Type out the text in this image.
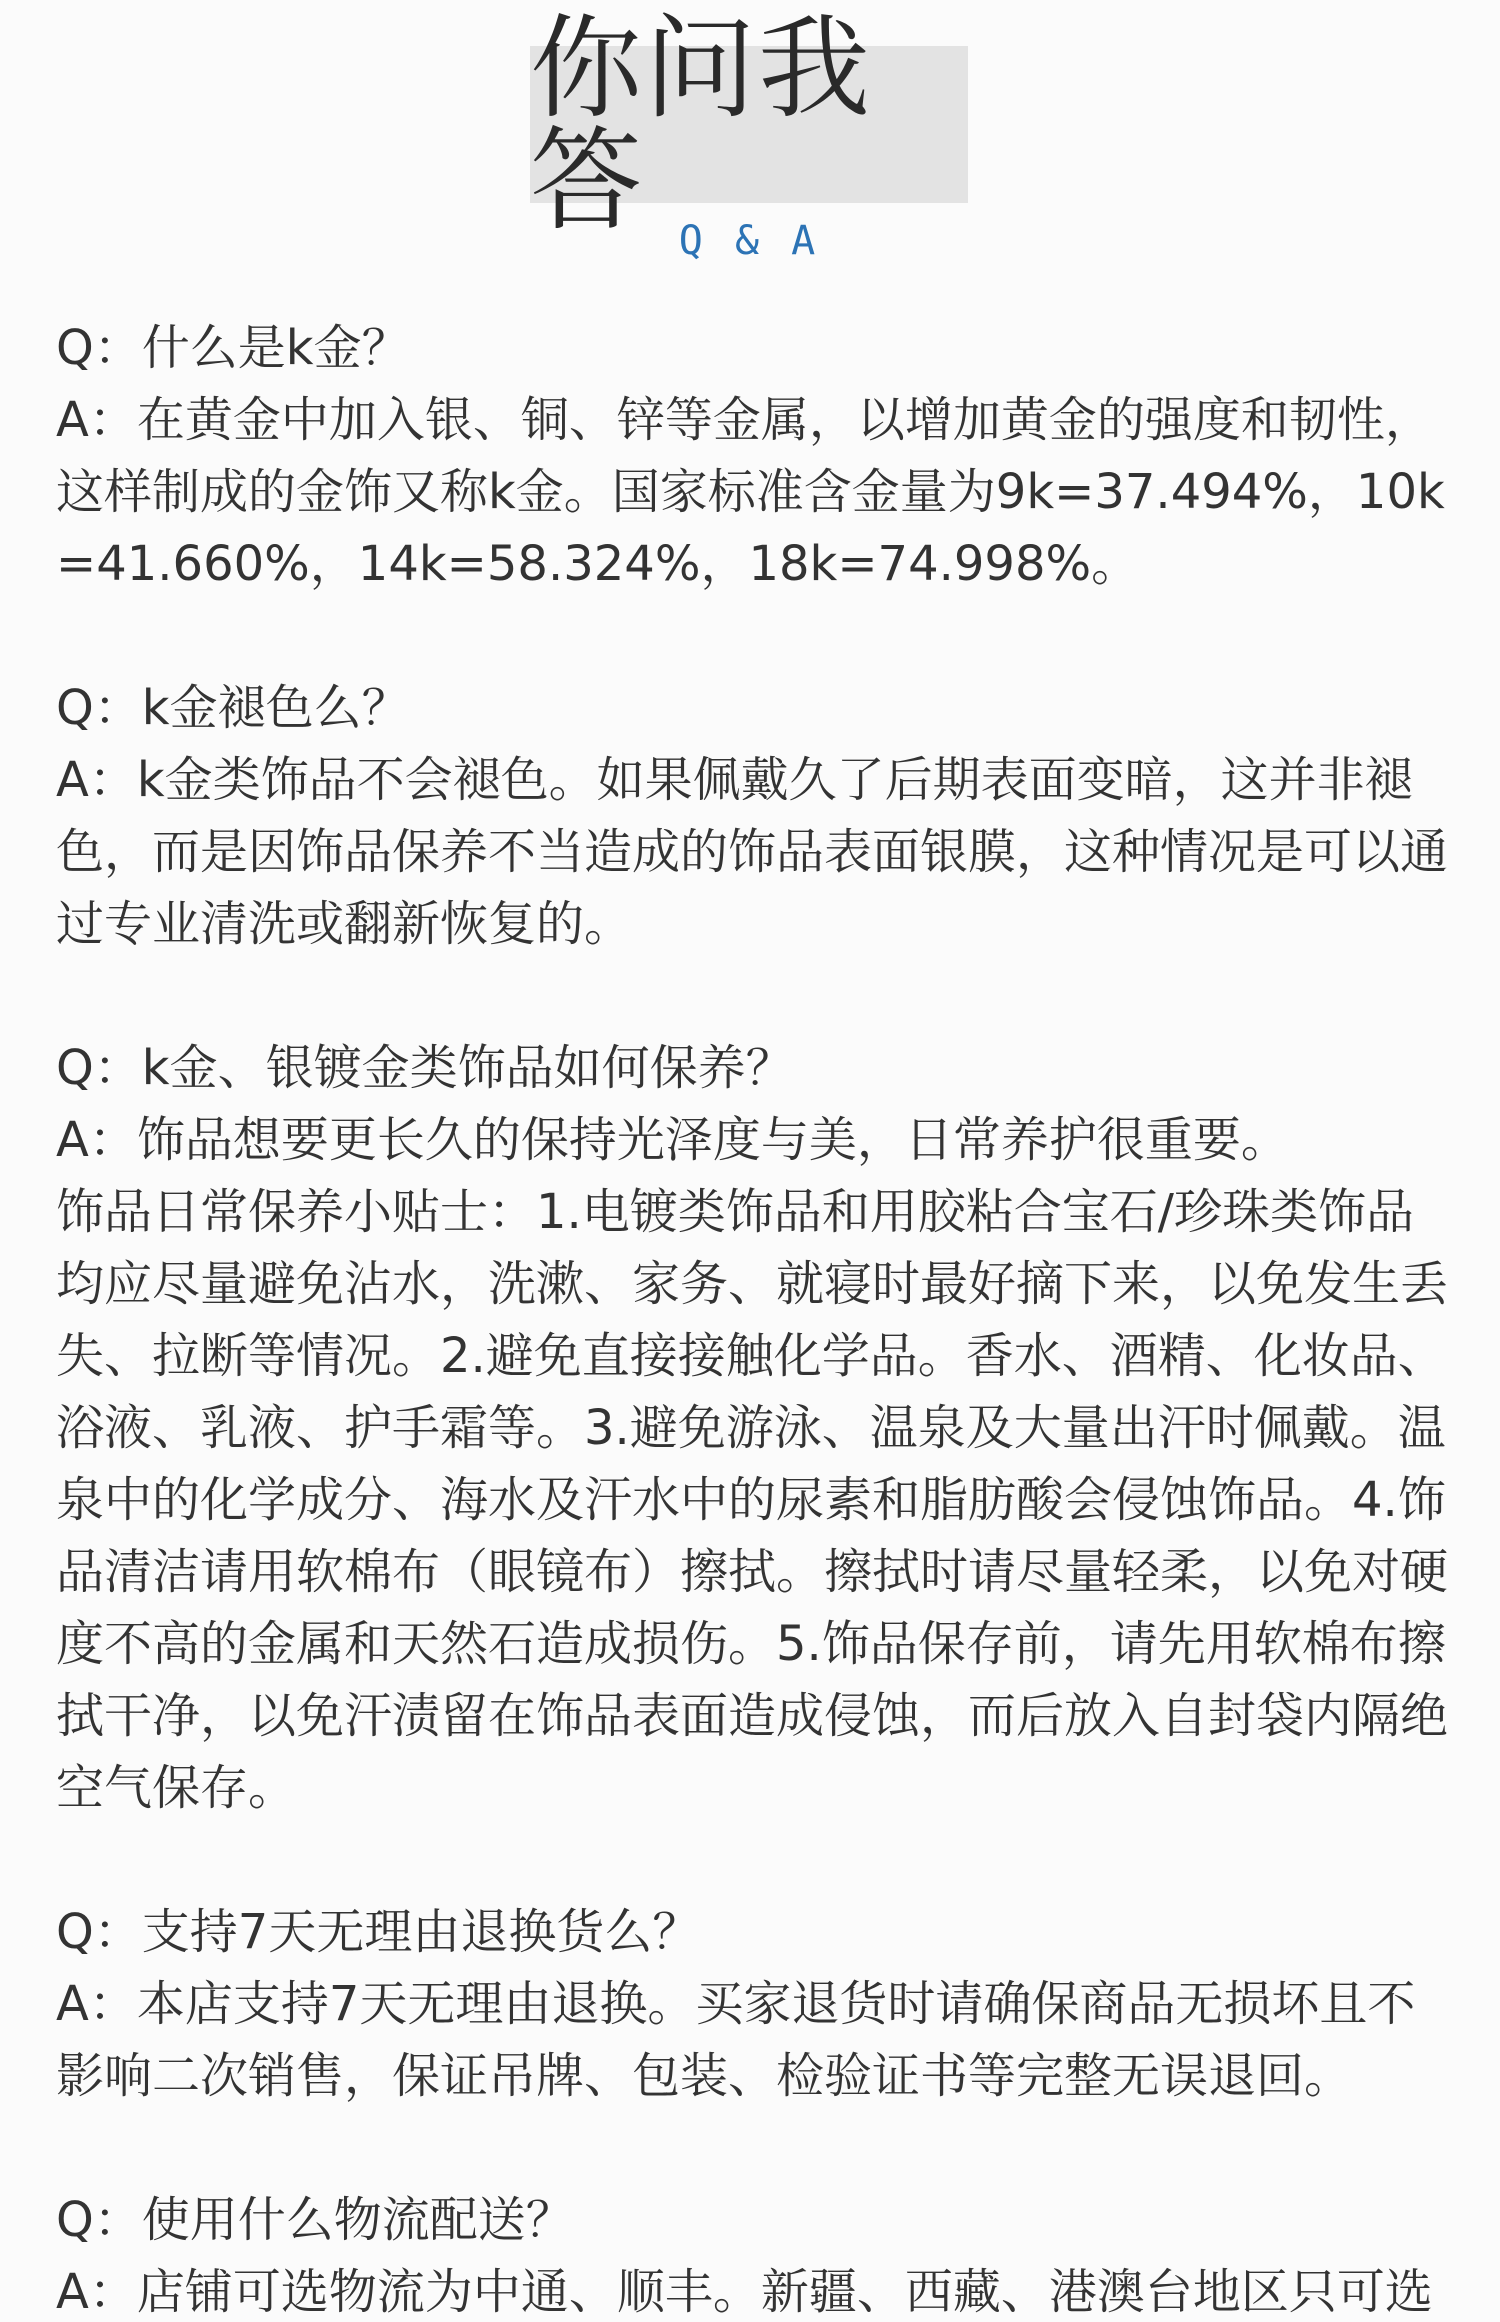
你问我答 Q & A
Q：什么是k金？

A：在黄金中加入银、铜、锌等金属，以增加黄金的强度和韧性，这样制成的金饰又称k金。国家标准含金量为9k=37.494%，10k=41.660%，14k=58.324%，18k=74.998%。

Q：k金褪色么？

A：k金类饰品不会褪色。如果佩戴久了后期表面变暗，这并非褪色，而是因饰品保养不当造成的饰品表面银膜，这种情况是可以通过专业清洗或翻新恢复的。

Q：k金、银镀金类饰品如何保养？

A：饰品想要更长久的保持光泽度与美，日常养护很重要。

饰品日常保养小贴士：1.电镀类饰品和用胶粘合宝石/珍珠类饰品均应尽量避免沾水，洗漱、家务、就寝时最好摘下来，以免发生丢失、拉断等情况。2.避免直接接触化学品。香水、酒精、化妆品、浴液、乳液、护手霜等。3.避免游泳、温泉及大量出汗时佩戴。温泉中的化学成分、海水及汗水中的尿素和脂肪酸会侵蚀饰品。4.饰品清洁请用软棉布（眼镜布）擦拭。擦拭时请尽量轻柔，以免对硬度不高的金属和天然石造成损伤。5.饰品保存前，请先用软棉布擦拭干净，以免汗渍留在饰品表面造成侵蚀，而后放入自封袋内隔绝空气保存。

Q：支持7天无理由退换货么？

A：本店支持7天无理由退换。买家退货时请确保商品无损坏且不影响二次销售，保证吊牌、包装、检验证书等完整无误退回。

Q：使用什么物流配送？

A：店铺可选物流为中通、顺丰。新疆、西藏、港澳台地区只可选
